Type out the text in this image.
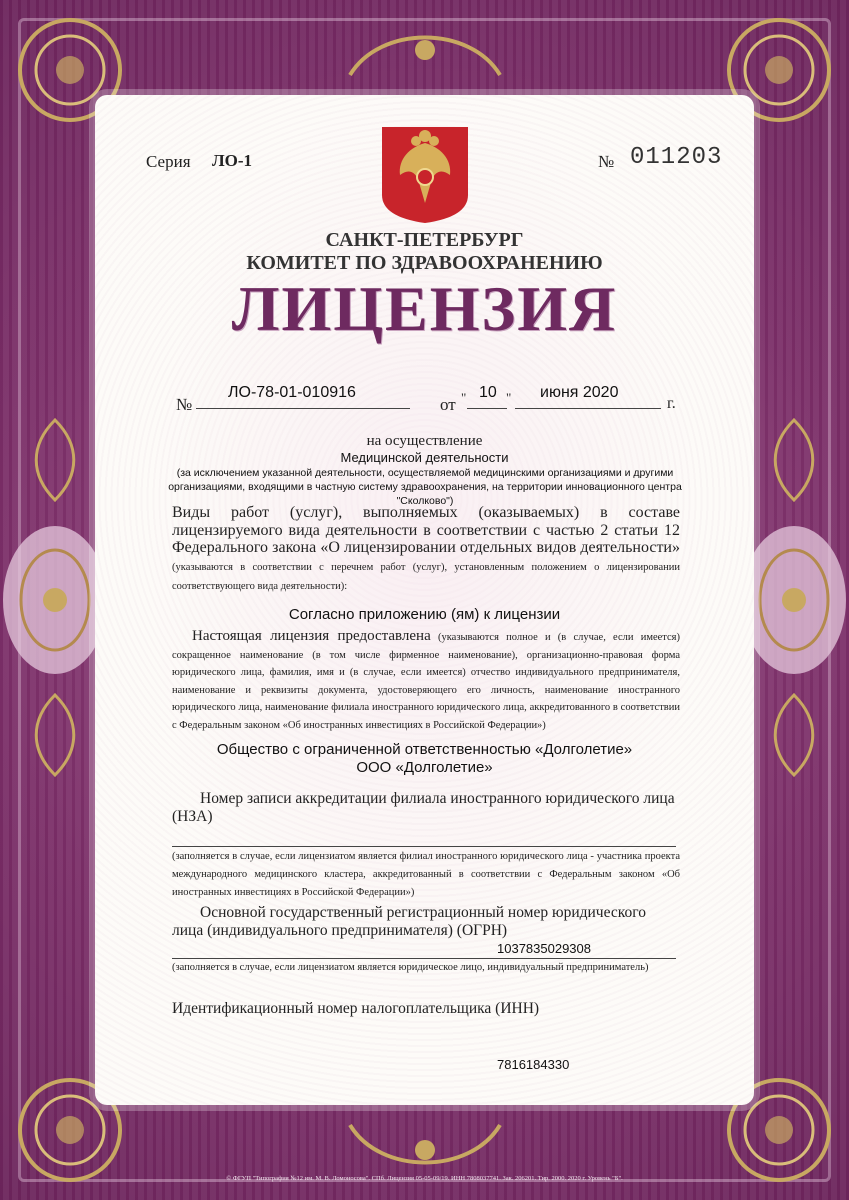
Серия ЛО-1	№ 011203
САНКТ-ПЕТЕРБУРГ
КОМИТЕТ ПО ЗДРАВООХРАНЕНИЮ
ЛИЦЕНЗИЯ
№
ЛО-78-01-010916
от " 10 " июня 2020
г.
на осуществление
Медицинской деятельности
(за исключением указанной деятельности, осуществляемой медицинскими организациями и другими организациями, входящими в частную систему здравоохранения, на территории инновационного центра "Сколково")
Виды работ (услуг), выполняемых (оказываемых) в составе лицензируемого вида деятельности в соответствии с частью 2 статьи 12 Федерального закона «О лицензировании отдельных видов деятельности» (указываются в соответствии с перечнем работ (услуг), установленным положением о лицензировании соответствующего вида деятельности):
Согласно приложению (ям) к лицензии
Настоящая лицензия предоставлена (указываются полное и (в случае, если имеется) сокращенное наименование (в том числе фирменное наименование), организационно-правовая форма юридического лица, фамилия, имя и (в случае, если имеется) отчество индивидуального предпринимателя, наименование и реквизиты документа, удостоверяющего его личность, наименование иностранного юридического лица, наименование филиала иностранного юридического лица, аккредитованного в соответствии с Федеральным законом «Об иностранных инвестициях в Российской Федерации»)
Общество с ограниченной ответственностью «Долголетие»
ООО «Долголетие»
Номер записи аккредитации филиала иностранного юридического лица (НЗА)
(заполняется в случае, если лицензиатом является филиал иностранного юридического лица - участника проекта международного медицинского кластера, аккредитованный в соответствии с Федеральным законом «Об иностранных инвестициях в Российской Федерации»)
Основной государственный регистрационный номер юридического лица (индивидуального предпринимателя) (ОГРН)
1037835029308
(заполняется в случае, если лицензиатом является юридическое лицо, индивидуальный предприниматель)
Идентификационный номер налогоплательщика (ИНН)
7816184330
© ФГУП "Типография №12 им. М. В. Ломоносова". СПб. Лицензия 05-05-09/19. ИНН 7808037741. Зак. 206201. Тир. 2000. 2020 г. Уровень "Б".
